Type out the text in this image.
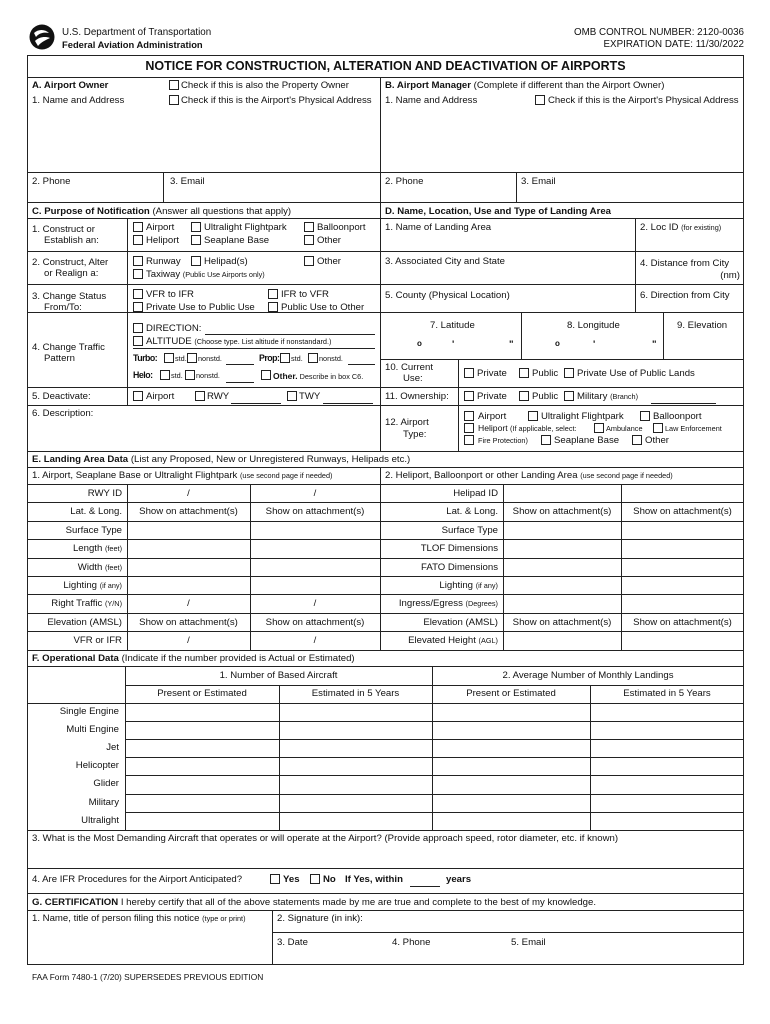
U.S. Department of Transportation
Federal Aviation Administration
OMB CONTROL NUMBER: 2120-0036
EXPIRATION DATE: 11/30/2022
NOTICE FOR CONSTRUCTION, ALTERATION AND DEACTIVATION OF AIRPORTS
A. Airport Owner	Check if this is also the Property Owner
1. Name and Address	Check if this is the Airport's Physical Address
B. Airport Manager (Complete if different than the Airport Owner)
1. Name and Address	Check if this is the Airport's Physical Address
2. Phone	3. Email	2. Phone	3. Email
C. Purpose of Notification (Answer all questions that apply)	D. Name, Location, Use and Type of Landing Area
1. Construct or
Establish an:
Airport	Ultralight Flightpark	Balloonport
Heliport	Seaplane Base	Other
1. Name of Landing Area	2. Loc ID (for existing)
2. Construct, Alter
or Realign a:
Runway Helipad(s)	Other
Taxiway (Public Use Airports only)
3. Associated City and State	4. Distance from City
(nm)
3. Change Status
From/To:
VFR to IFR	IFR to VFR
Private Use to Public Use	Public Use to Other
5. County (Physical Location)	6. Direction from City
4. Change Traffic
Pattern
DIRECTION:
ALTITUDE (Choose type. List altitude if nonstandard.)
Turbo: std. nonstd.	Prop: std. nonstd.
Helo:	std. nonstd.	Other. Describe in box C6.
7. Latitude	8. Longitude	9. Elevation
o	'	"	o	'	"
10. Current
Use:	Private	Public Private Use of Public Lands
5. Deactivate:	Airport	RWY	TWY	11. Ownership:	Private	Public Military (Branch)
6. Description:
12. Airport
Type:
Airport	Ultralight Flightpark	Balloonport
Heliport (If applicable, select:	Ambulance	Law Enforcement
Fire Protection)	Seaplane Base	Other
E. Landing Area Data (List any Proposed, New or Unregistered Runways, Helipads etc.)
1. Airport, Seaplane Base or Ultralight Flightpark (use second page if needed)	2. Heliport, Balloonport or other Landing Area (use second page if needed)
RWY ID	/	/
Lat. & Long.	Show on attachment(s)	Show on attachment(s)
Surface Type
Length (feet)
Width (feet)
Lighting (if any)
Right Traffic (Y/N)	/	/
Elevation (AMSL)	Show on attachment(s)	Show on attachment(s)
VFR or IFR	/	/
Helipad ID
Lat. & Long.	Show on attachment(s)	Show on attachment(s)
Surface Type
TLOF Dimensions
FATO Dimensions
Lighting (if any)
Ingress/Egress (Degrees)
Elevation (AMSL)	Show on attachment(s)	Show on attachment(s)
Elevated Height (AGL)
F. Operational Data (Indicate if the number provided is Actual or Estimated)
1. Number of Based Aircraft	2. Average Number of Monthly Landings
Present or Estimated	Estimated in 5 Years	Present or Estimated	Estimated in 5 Years
Single Engine
Multi Engine
Jet
Helicopter
Glider
Military
Ultralight
3. What is the Most Demanding Aircraft that operates or will operate at the Airport? (Provide approach speed, rotor diameter, etc. if known)
4. Are IFR Procedures for the Airport Anticipated?	Yes No If Yes, within	years
G. CERTIFICATION I hereby certify that all of the above statements made by me are true and complete to the best of my knowledge.
1. Name, title of person filing this notice (type or print)	2. Signature (in ink):
3. Date	4. Phone	5. Email
FAA Form 7480-1 (7/20) SUPERSEDES PREVIOUS EDITION
